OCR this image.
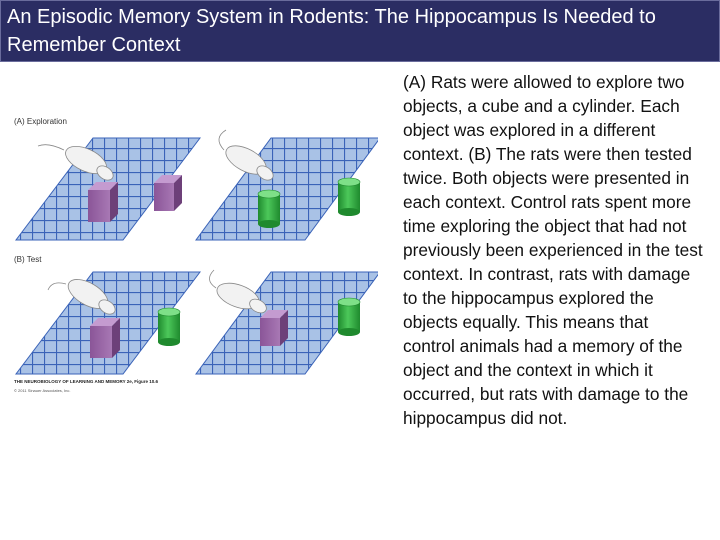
An Episodic Memory System in Rodents: The Hippocampus Is Needed to Remember Context
(A) Exploration
(B) Test
THE NEUROBIOLOGY OF LEARNING AND MEMORY 2e, Figure 10.6
© 2011 Sinauer Associates, Inc.
(A) Rats were allowed to explore two objects, a cube and a cylinder. Each object was explored in a different context. (B) The rats were then tested twice. Both objects were presented in each context. Control rats spent more time exploring the object that had not previously been experienced in the test context. In contrast, rats with damage to the hippocampus explored the objects equally. This means that control animals had a memory of the object and the context in which it occurred, but rats with damage to the hippocampus did not.
